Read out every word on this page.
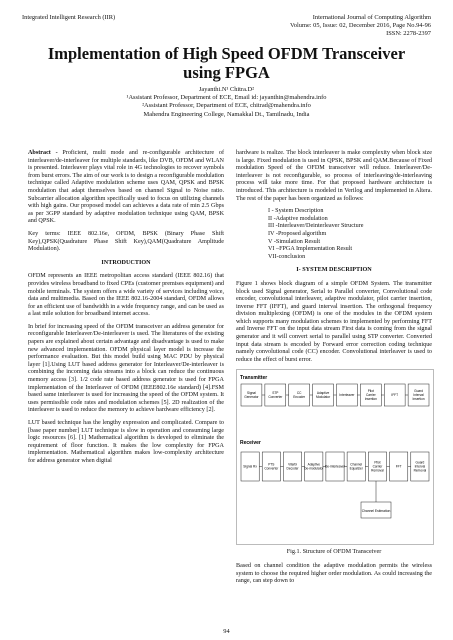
Integrated Intelligent Research (IIR)	International Journal of Computing Algorithm
Volume: 05, Issue: 02, December 2016, Page No.94-96
ISSN: 2278-2397
Implementation of High Speed OFDM Transceiver using FPGA
Jayanthi.N¹ Chitra.D²
¹Assistant Professor, Department of ECE, Email id: jayanthin@mahendra.info
²Assistant Professor, Department of ECE, chitrad@mahendra.info
Mahendra Engineering College, Namakkal Dt., Tamilnadu, India

Abstract - Proficient, multi mode and re-configurable architecture of interleaver/de-interleaver for multiple standards, like DVB, OFDM and WLAN is presented. Interleaver plays vital role in 4G technologies to recover symbols from burst errors. The aim of our work is to design a reconfigurable modulation technique called Adaptive modulation scheme uses QAM, QPSK and BPSK modulation that adapt themselves based on channel Signal to Noise ratio. Subcarrier allocation algorithm specifically used to focus on utilizing channels with high gains. Our proposed model can achieves a data rate of min 2.5 Gbps as per 3GPP standard by adaptive modulation technique using QAM, BPSK and QPSK.

Key terms: IEEE 802.16e, OFDM, BPSK (Binary Phase Shift Key),QPSK(Quadrature Phase Shift Key),QAM(Quadrature Amplitude Modulation).

INTRODUCTION

OFDM represents an IEEE metropolitan access standard (IEEE 802.16) that provides wireless broadband to fixed CPEs (customer premises equipment) and mobile terminals. The system offers a wide variety of services including voice, data and multimedia. Based on the IEEE 802.16-2004 standard, OFDM allows for an efficient use of bandwidth in a wide frequency range, and can be used as a last mile solution for broadband internet access.

In brief for increasing speed of the OFDM transceiver an address generator for reconfigurable Interleaver/De-interleaver is used. The literatures of the existing papers are explained about certain advantage and disadvantage is used to make new advanced implementation. OFDM physical layer model is increase the performance evaluation. But this model build using MAC PDU by physical layer [1].Using LUT based address generator for Interleaver/De-interleaver is combining the incoming data streams into a block can reduce the continuous memory access [3]. 1/2 code rate based address generator is used for FPGA implementation of the Interleaver of OFDM (IEEE802.16e standard) [4].FSM based same interleaver is used for increasing the speed of the OFDM system. It uses permissible code rates and modulation schemes [5]. 2D realization of the interleaver is used to reduce the memory to achieve hardware efficiency [2].

LUT based technique has the lengthy expression and complicated. Compare to [base paper number] LUT technique is slow in operation and consuming large logic resources [6]. [1] Mathematical algorithm is developed to eliminate the requirement of floor function. It makes the low complexity for FPGA implementation. Mathematical algorithm makes low-complexity architecture for address generator when digital

hardware is realize. The block interleaver is make complexity when block size is large. Fixed modulation is used in QPSK, BPSK and QAM.Because of Fixed modulation Speed of the OFDM transceiver will reduce. Interleaver/De-interleaver is not reconfigurable, so process of interleaving/de-interleaving process will take more time. For that proposed hardware architecture is introduced. This architecture is modeled in Verilog and implemented in Altera. The rest of the paper has been organized as follows:

I - System Description
II -Adaptive modulation
III -Interleaver/Deinterleaver Structure
IV -Proposed algorithm
V -Simulation Result
VI –FPGA Implementation Result
VII-conclusion
I- SYSTEM DESCRIPTION

Figure 1 shows block diagram of a simple OFDM System. The transmitter block used Signal generator, Serial to Parallel converter, Convolutional code encoder, convolutional interleaver, adaptive modulator, pilot carrier insertion, inverse FFT (IFFT), and guard interval insertion. The orthogonal frequency division multiplexing (OFDM) is one of the modules in the OFDM system which supports many modulation schemes to implemented by performing FFT and Inverse FFT on the input data stream First data is coming from the signal generator and it will convert serial to parallel using STP converter. Converted input data stream is encoded by Forward error correction coding technique namely convolutional code (CC) encoder. Convolutional interleaver is used to reduce the effect of burst error.

Transmitter
Signal Generator
STP Converter
CC Encoder
Adaptive Modulator	Interleaver
Pilot Carrier Insertion
IFFT
Guard Interval Insertion
Receiver
Signal Rx	PTS Converter
Viterbi Decoder
Adaptive De-modulator De-interleaver Channel Equalizer
Pilot Carrier Removal
FFT
Guard Interval Removal
Channel Estimation
Fig.1. Structure of OFDM Transceiver

Based on channel condition the adaptive modulation permits the wireless system to choose the required higher order modulation. As could increasing the range, can step down to

94
